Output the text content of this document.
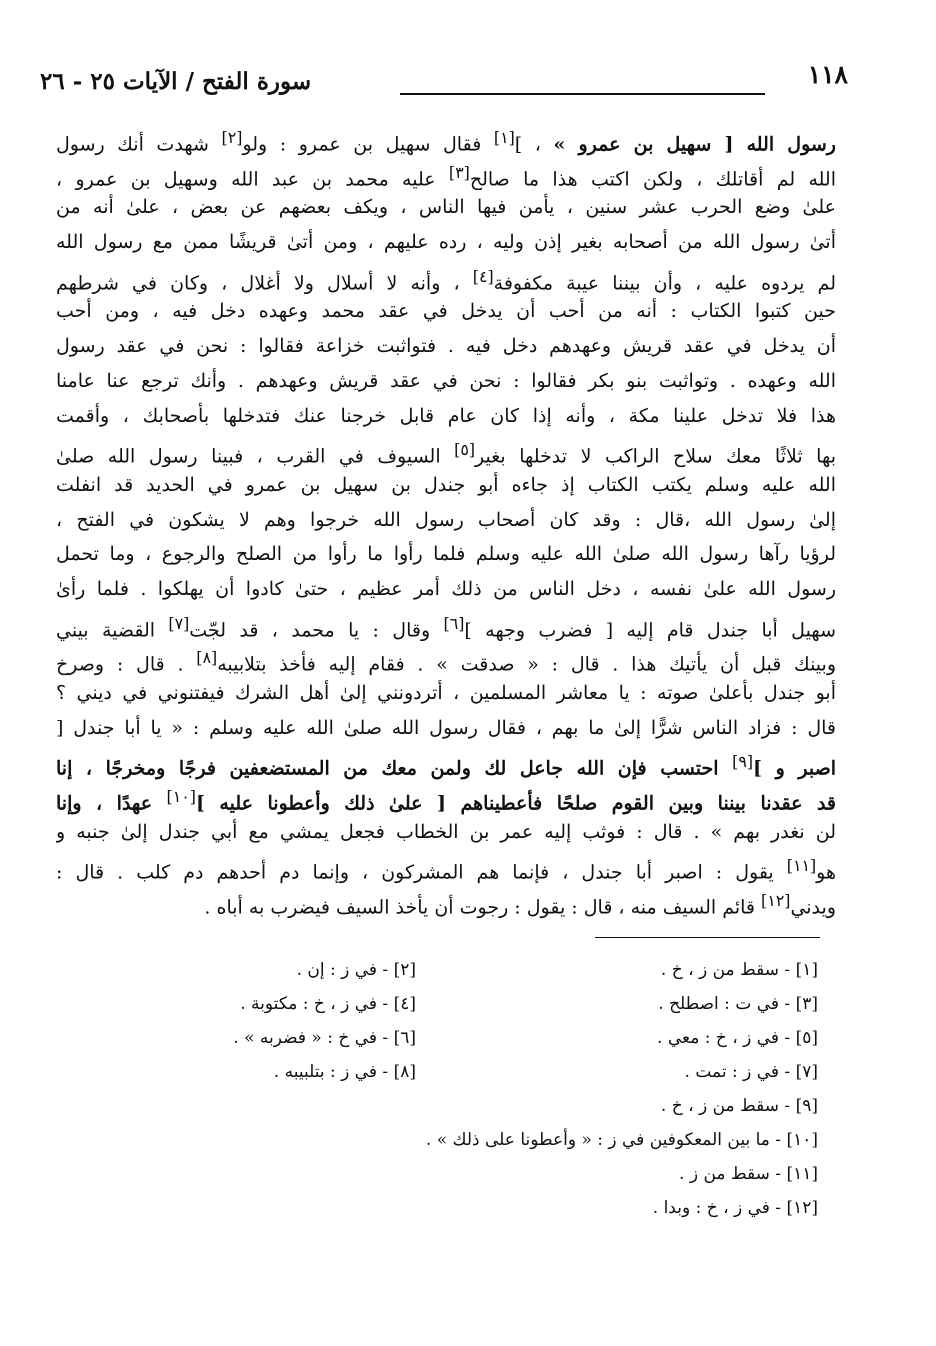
١١٨
سورة الفتح / الآيات ٢٥ - ٢٦
رسول الله [ سهيل بن عمرو » ، ][١] فقال سهيل بن عمرو : ولو[٢] شهدت أنك رسول
الله لم أقاتلك ، ولكن اكتب هذا ما صالح[٣] عليه محمد بن عبد الله وسهيل بن عمرو ،
علىٰ وضع الحرب عشر سنين ، يأمن فيها الناس ، ويكف بعضهم عن بعض ، علىٰ أنه من
أتىٰ رسول الله من أصحابه بغير إذن وليه ، رده عليهم ، ومن أتىٰ قريشًا ممن مع رسول الله
لم يردوه عليه ، وأن بيننا عيبة مكفوفة[٤] ، وأنه لا أسلال ولا أغلال ، وكان في شرطهم
حين كتبوا الكتاب : أنه من أحب أن يدخل في عقد محمد وعهده دخل فيه ، ومن أحب
أن يدخل في عقد قريش وعهدهم دخل فيه . فتواثبت خزاعة فقالوا : نحن في عقد رسول
الله وعهده . وتواثبت بنو بكر فقالوا : نحن في عقد قريش وعهدهم . وأنك ترجع عنا عامنا
هذا فلا تدخل علينا مكة ، وأنه إذا كان عام قابل خرجنا عنك فتدخلها بأصحابك ، وأقمت
بها ثلاثًا معك سلاح الراكب لا تدخلها بغير[٥] السيوف في القرب ، فبينا رسول الله صلىٰ
الله عليه وسلم يكتب الكتاب إذ جاءه أبو جندل بن سهيل بن عمرو في الحديد قد انفلت
إلىٰ رسول الله ،قال : وقد كان أصحاب رسول الله خرجوا وهم لا يشكون في الفتح ،
لرؤيا رآها رسول الله صلىٰ الله عليه وسلم فلما رأوا ما رأوا من الصلح والرجوع ، وما تحمل
رسول الله علىٰ نفسه ، دخل الناس من ذلك أمر عظيم ، حتىٰ كادوا أن يهلكوا . فلما رأىٰ
سهيل أبا جندل قام إليه [ فضرب وجهه ][٦] وقال : يا محمد ، قد لجّت[٧] القضية بيني
وبينك قبل أن يأتيك هذا . قال : « صدقت » . فقام إليه فأخذ بتلابيبه[٨] . قال : وصرخ
أبو جندل بأعلىٰ صوته : يا معاشر المسلمين ، أتردونني إلىٰ أهل الشرك فيفتنوني في ديني ؟
قال : فزاد الناس شرًّا إلىٰ ما بهم ، فقال رسول الله صلىٰ الله عليه وسلم : « يا أبا جندل [
اصبر و ][٩] احتسب فإن الله جاعل لك ولمن معك من المستضعفين فرجًا ومخرجًا ، إنا
قد عقدنا بيننا وبين القوم صلحًا فأعطيناهم [ علىٰ ذلك وأعطونا عليه ][١٠] عهدًا ، وإنا
لن نغدر بهم » . قال : فوثب إليه عمر بن الخطاب فجعل يمشي مع أبي جندل إلىٰ جنبه و
هو[١١] يقول : اصبر أبا جندل ، فإنما هم المشركون ، وإنما دم أحدهم دم كلب . قال :
ويدني[١٢] قائم السيف منه ، قال : يقول : رجوت أن يأخذ السيف فيضرب به أباه .
[١] - سقط من ز ، خ .
[٢] - في ز : إن .
[٣] - في ت : اصطلح .
[٤] - في ز ، خ : مكتوبة .
[٥] - في ز ، خ : معي .
[٦] - في خ : « فضربه » .
[٧] - في ز : تمت .
[٨] - في ز : بتلبيبه .
[٩] - سقط من ز ، خ .
[١٠] - ما بين المعكوفين في ز : « وأعطونا على ذلك » .
[١١] - سقط من ز .
[١٢] - في ز ، خ : وبدا .
